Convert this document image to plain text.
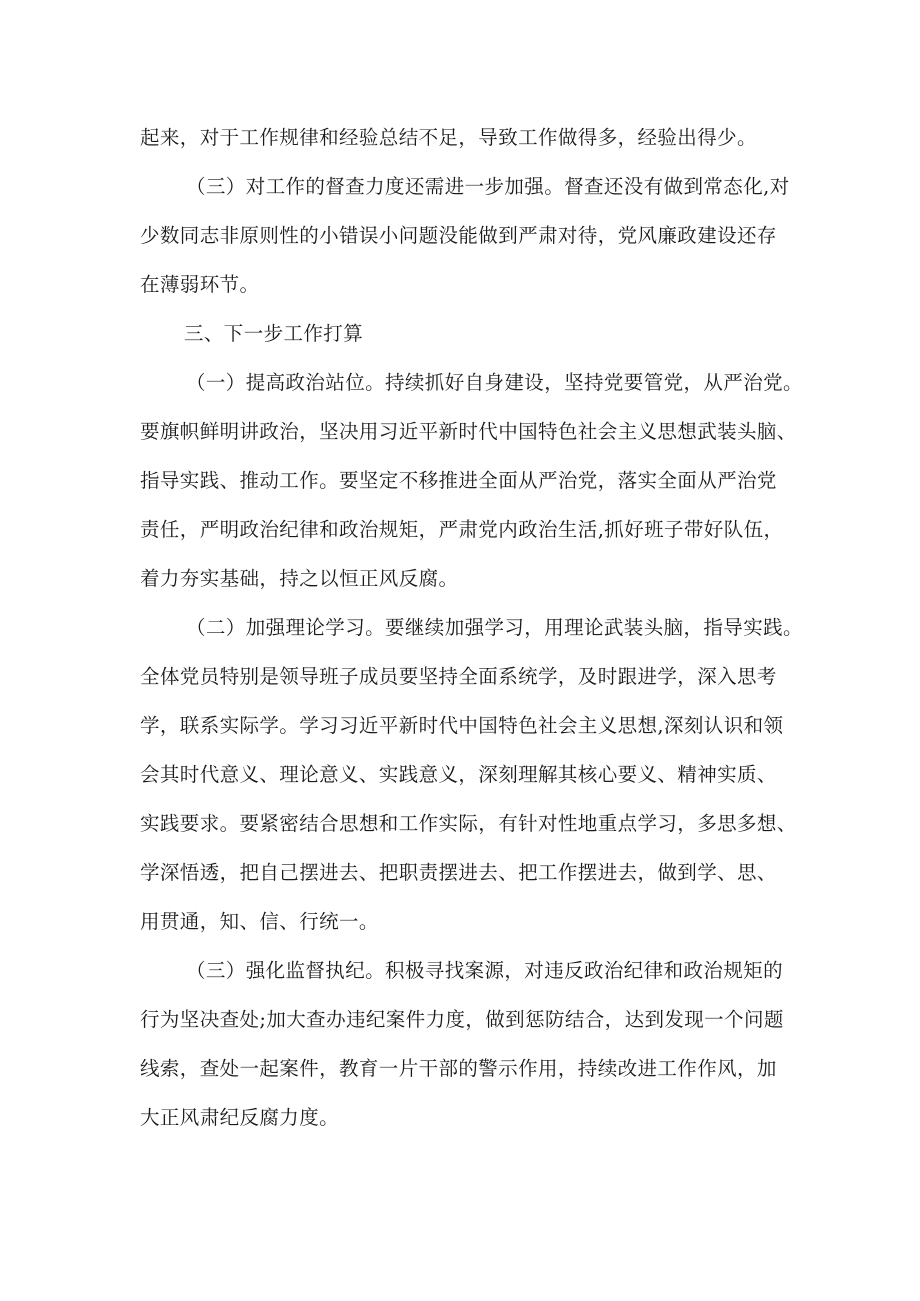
起来，对于工作规律和经验总结不足，导致工作做得多，经验出得少。
（三）对工作的督查力度还需进一步加强。督查还没有做到常态化,对
少数同志非原则性的小错误小问题没能做到严肃对待，党风廉政建设还存
在薄弱环节。
三、下一步工作打算
（一）提高政治站位。持续抓好自身建设，坚持党要管党，从严治党。
要旗帜鲜明讲政治，坚决用习近平新时代中国特色社会主义思想武装头脑、
指导实践、推动工作。要坚定不移推进全面从严治党，落实全面从严治党
责任，严明政治纪律和政治规矩，严肃党内政治生活,抓好班子带好队伍，
着力夯实基础，持之以恒正风反腐。
（二）加强理论学习。要继续加强学习，用理论武装头脑，指导实践。
全体党员特别是领导班子成员要坚持全面系统学，及时跟进学，深入思考
学，联系实际学。学习习近平新时代中国特色社会主义思想,深刻认识和领
会其时代意义、理论意义、实践意义，深刻理解其核心要义、精神实质、
实践要求。要紧密结合思想和工作实际，有针对性地重点学习，多思多想、
学深悟透，把自己摆进去、把职责摆进去、把工作摆进去，做到学、思、
用贯通，知、信、行统一。
（三）强化监督执纪。积极寻找案源，对违反政治纪律和政治规矩的
行为坚决查处;加大查办违纪案件力度，做到惩防结合，达到发现一个问题
线索，查处一起案件，教育一片干部的警示作用，持续改进工作作风，加
大正风肃纪反腐力度。
